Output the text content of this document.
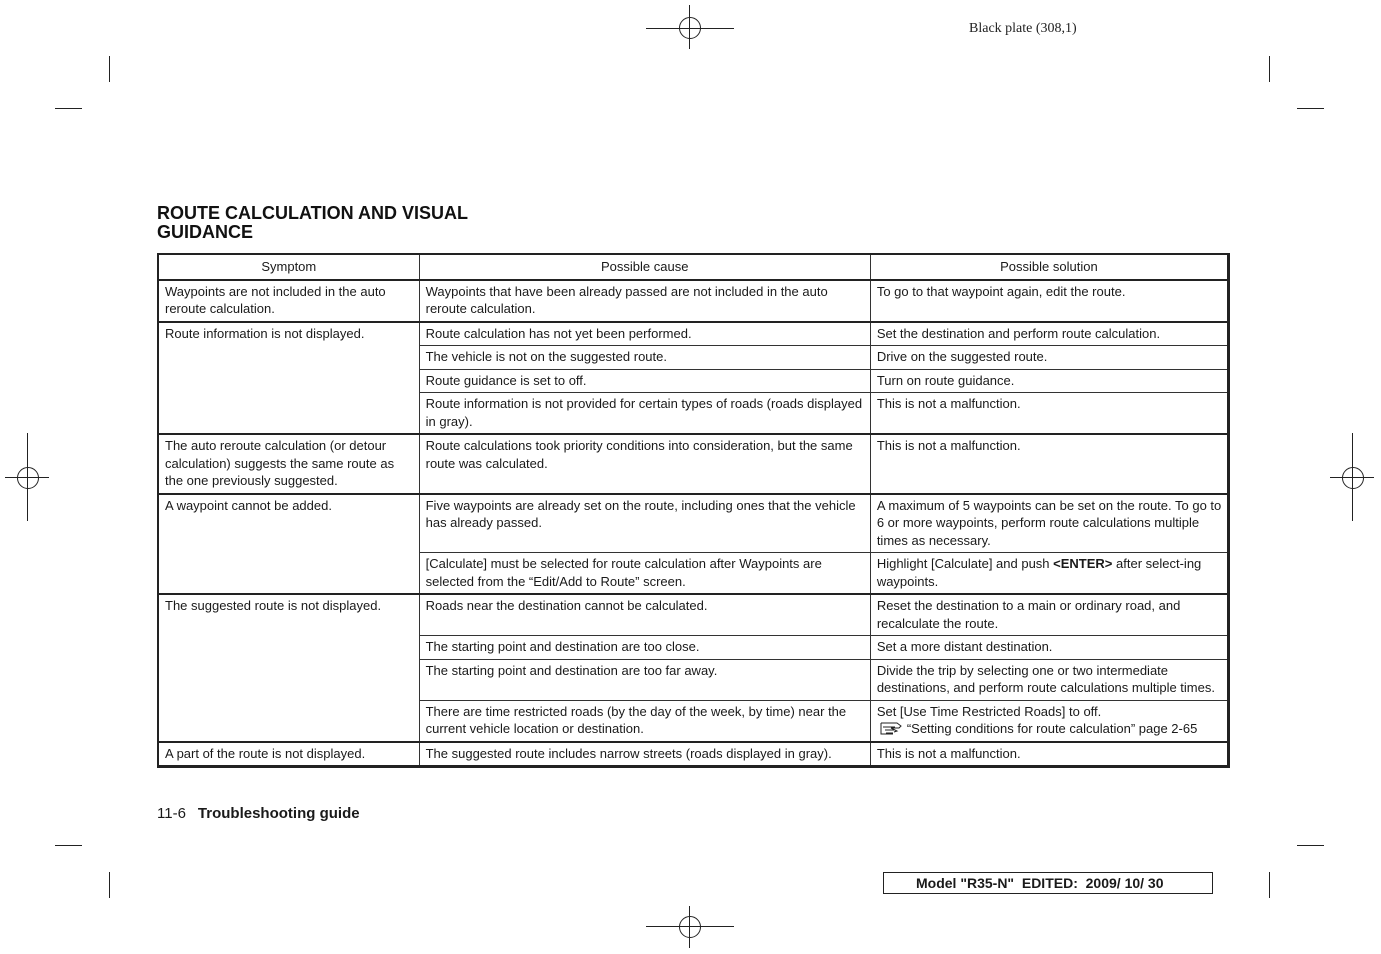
Black plate (308,1)
ROUTE CALCULATION AND VISUAL
GUIDANCE
Symptom	Possible cause	Possible solution
Waypoints are not included in the auto reroute calculation.	Waypoints that have been already passed are not included in the auto reroute calculation.	To go to that waypoint again, edit the route.
Route information is not displayed.	Route calculation has not yet been performed.	Set the destination and perform route calculation.
	The vehicle is not on the suggested route.	Drive on the suggested route.
	Route guidance is set to off.	Turn on route guidance.
	Route information is not provided for certain types of roads (roads displayed in gray).	This is not a malfunction.
The auto reroute calculation (or detour calculation) suggests the same route as the one previously suggested.	Route calculations took priority conditions into consideration, but the same route was calculated.	This is not a malfunction.
A waypoint cannot be added.	Five waypoints are already set on the route, including ones that the vehicle has already passed.	A maximum of 5 waypoints can be set on the route. To go to 6 or more waypoints, perform route calculations multiple times as necessary.
	[Calculate] must be selected for route calculation after Waypoints are selected from the “Edit/Add to Route” screen.	Highlight [Calculate] and push <ENTER> after select-ing waypoints.
The suggested route is not displayed.	Roads near the destination cannot be calculated.	Reset the destination to a main or ordinary road, and recalculate the route.
	The starting point and destination are too close.	Set a more distant destination.
	The starting point and destination are too far away.	Divide the trip by selecting one or two intermediate destinations, and perform route calculations multiple times.
	There are time restricted roads (by the day of the week, by time) near the current vehicle location or destination.	Set [Use Time Restricted Roads] to off.
“Setting conditions for route calculation” page 2-65

A part of the route is not displayed.	The suggested route includes narrow streets (roads displayed in gray).	This is not a malfunction.
11-6 Troubleshooting guide
Model "R35-N"  EDITED:  2009/ 10/ 30
